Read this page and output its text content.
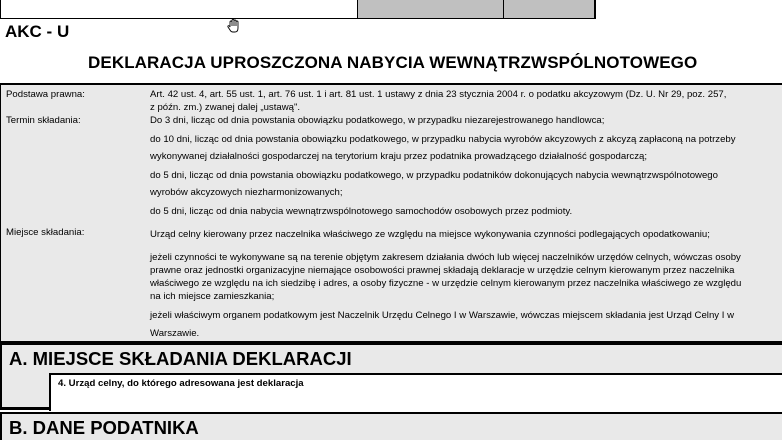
AKC - U
DEKLARACJA UPROSZCZONA NABYCIA WEWNĄTRZWSPÓLNOTOWEGO
Podstawa prawna:	Art. 42 ust. 4, art. 55 ust. 1, art. 76 ust. 1 i art. 81 ust. 1 ustawy z dnia 23 stycznia 2004 r. o podatku akcyzowym (Dz. U. Nr 29, poz. 257,
z późn. zm.) zwanej dalej „ustawą".
Termin składania:	Do 3 dni, licząc od dnia powstania obowiązku podatkowego, w przypadku niezarejestrowanego handlowca;
do 10 dni, licząc od dnia powstania obowiązku podatkowego, w przypadku nabycia wyrobów akcyzowych z akcyzą zapłaconą na potrzeby
wykonywanej działalności gospodarczej na terytorium kraju przez podatnika prowadzącego działalność gospodarczą;
do 5 dni, licząc od dnia powstania obowiązku podatkowego, w przypadku podatników dokonujących nabycia wewnątrzwspólnotowego
wyrobów akcyzowych niezharmonizowanych;
do 5 dni, licząc od dnia nabycia wewnątrzwspólnotowego samochodów osobowych przez podmioty.
Miejsce składania:	Urząd celny kierowany przez naczelnika właściwego ze względu na miejsce wykonywania czynności podlegających opodatkowaniu;
jeżeli czynności te wykonywane są na terenie objętym zakresem działania dwóch lub więcej naczelników urzędów celnych, wówczas osoby
prawne oraz jednostki organizacyjne niemające osobowości prawnej składają deklaracje w urzędzie celnym kierowanym przez naczelnika
właściwego ze względu na ich siedzibę i adres, a osoby fizyczne - w urzędzie celnym kierowanym przez naczelnika właściwego ze względu
na ich miejsce zamieszkania;
jeżeli właściwym organem podatkowym jest Naczelnik Urzędu Celnego I w Warszawie, wówczas miejscem składania jest Urząd Celny I w
Warszawie.
A. MIEJSCE SKŁADANIA DEKLARACJI
4. Urząd celny, do którego adresowana jest deklaracja
B. DANE PODATNIKA
